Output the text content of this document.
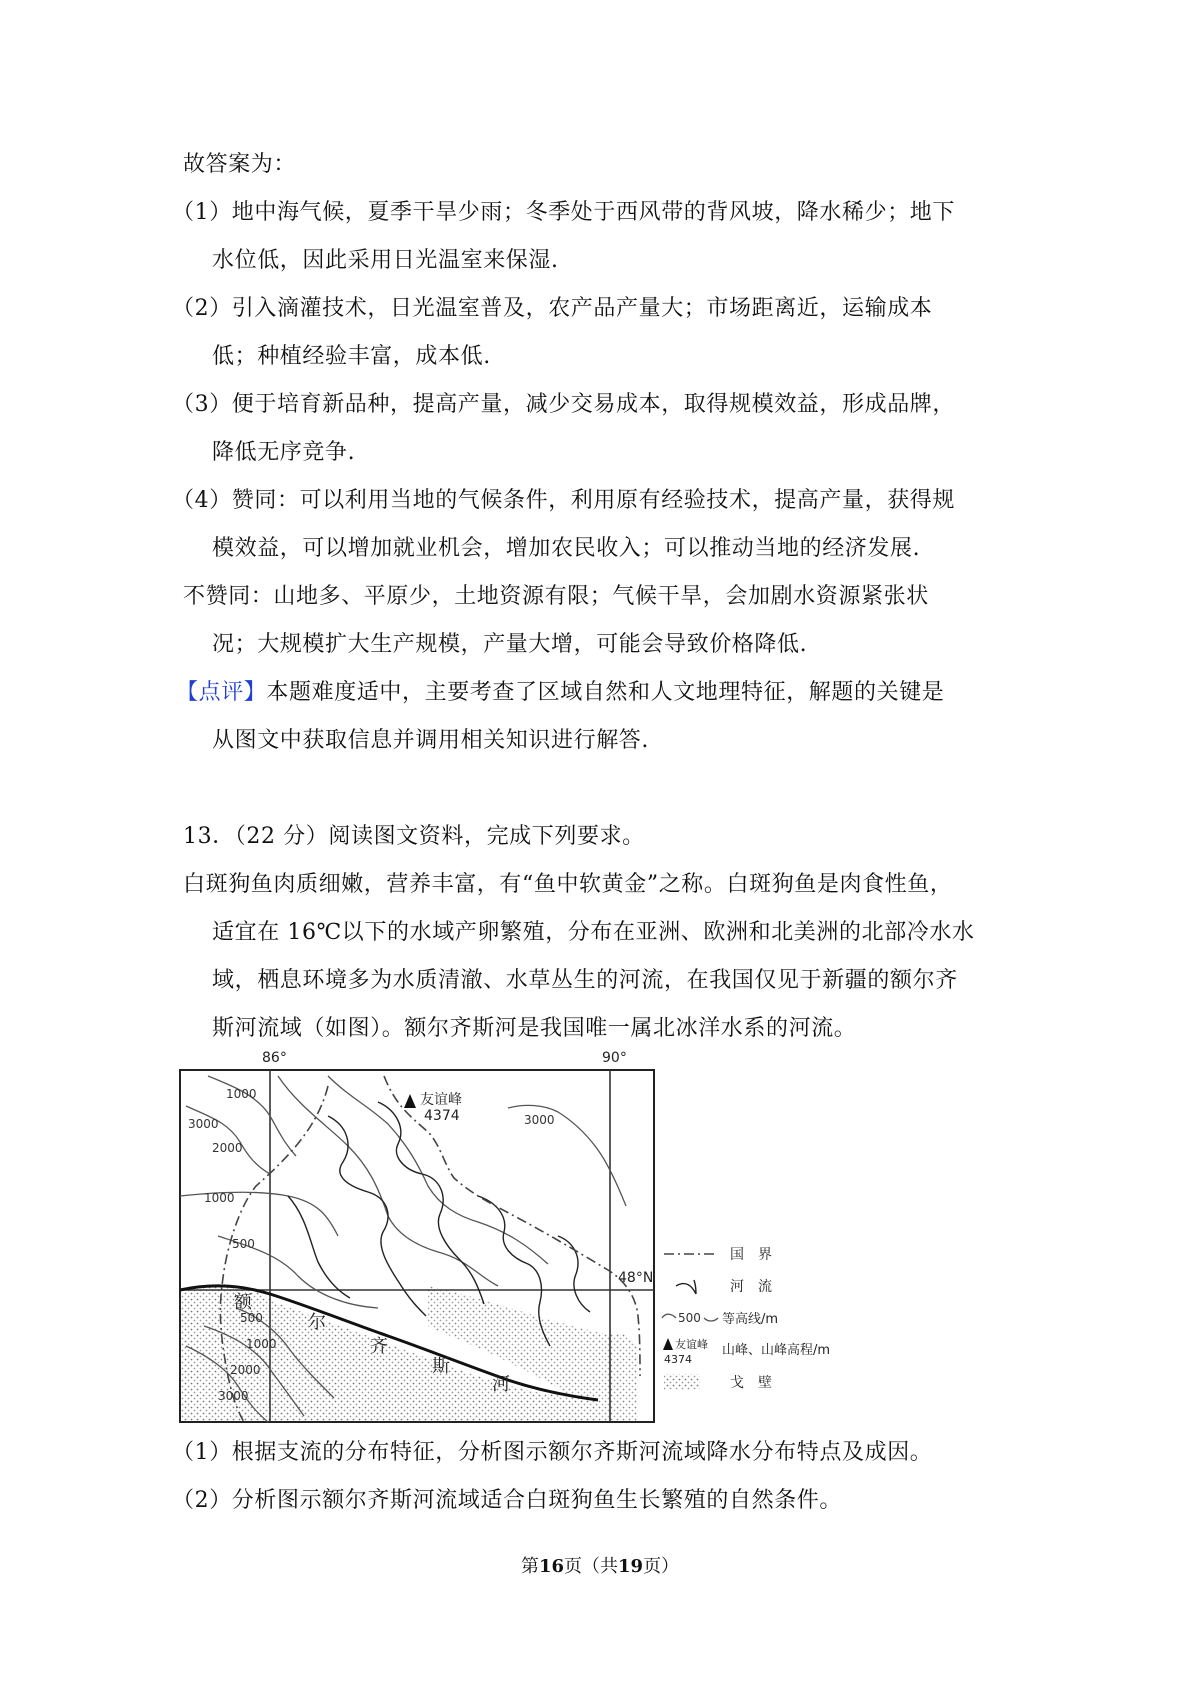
故答案为：
（1）地中海气候，夏季干旱少雨；冬季处于西风带的背风坡，降水稀少；地下
水位低，因此采用日光温室来保湿.
（2）引入滴灌技术，日光温室普及，农产品产量大；市场距离近，运输成本
低；种植经验丰富，成本低.
（3）便于培育新品种，提高产量，减少交易成本，取得规模效益，形成品牌，
降低无序竞争.
（4）赞同：可以利用当地的气候条件，利用原有经验技术，提高产量，获得规
模效益，可以增加就业机会，增加农民收入；可以推动当地的经济发展.
不赞同：山地多、平原少，土地资源有限；气候干旱，会加剧水资源紧张状
况；大规模扩大生产规模，产量大增，可能会导致价格降低.
【点评】本题难度适中，主要考查了区域自然和人文地理特征，解题的关键是
从图文中获取信息并调用相关知识进行解答.
13．（22 分）阅读图文资料，完成下列要求。
白斑狗鱼肉质细嫩，营养丰富，有“鱼中软黄金”之称。白斑狗鱼是肉食性鱼，
适宜在 16℃以下的水域产卵繁殖，分布在亚洲、欧洲和北美洲的北部冷水水
域，栖息环境多为水质清澈、水草丛生的河流，在我国仅见于新疆的额尔齐
斯河流域（如图）。额尔齐斯河是我国唯一属北冰洋水系的河流。
86°	90°
48°N
友谊峰
4374
1000
3000
2000
1000
500
3000
500
1000
2000
3000
额
尔
齐
斯
河
国　界
河　流
500 等高线/m
友谊峰
4374
山峰、山峰高程/m
戈　壁
（1）根据支流的分布特征，分析图示额尔齐斯河流域降水分布特点及成因。
（2）分析图示额尔齐斯河流域适合白斑狗鱼生长繁殖的自然条件。
第16页（共19页）
